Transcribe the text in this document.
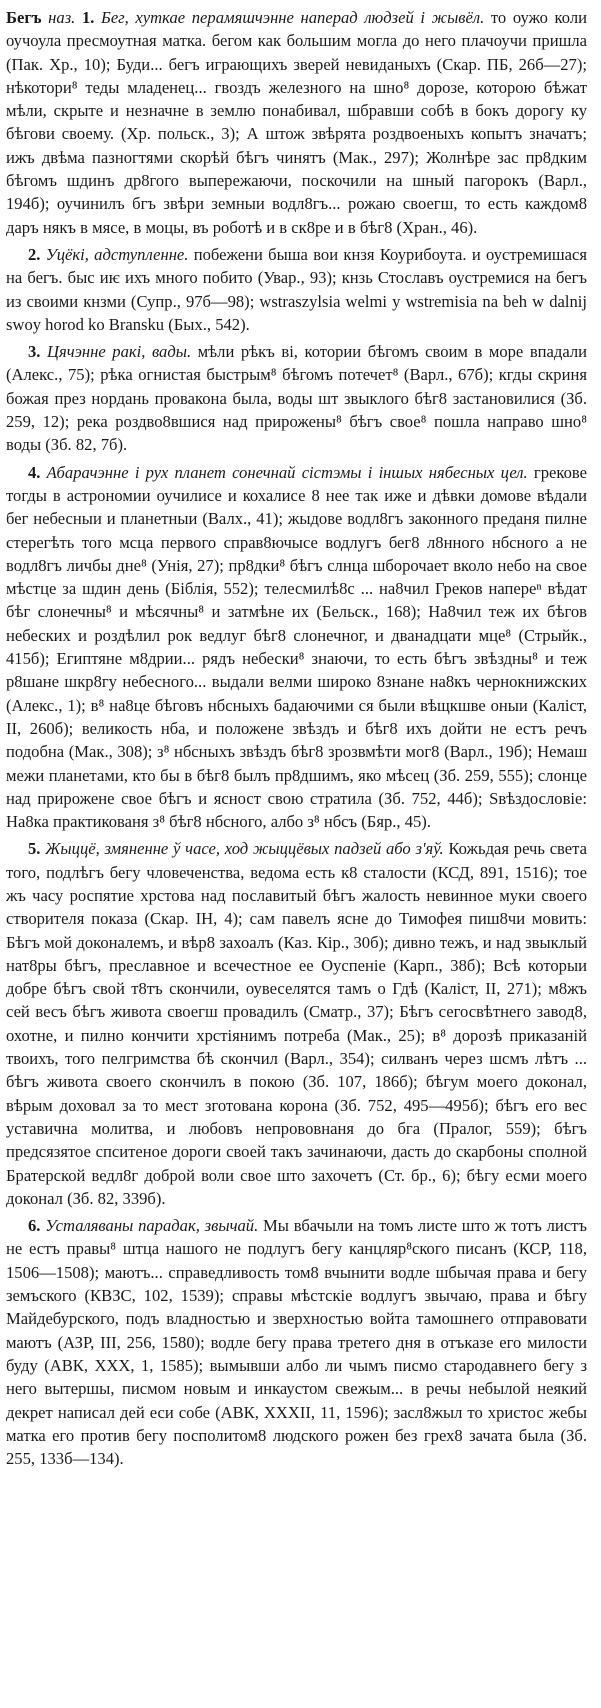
Бегъ наз. 1. Бег, хуткае перамяшчэнне наперад людзей і жывёл. то оужо коли оучоула пресмоутная матка. бегом как большим могла до него плачоучи пришла (Пак. Хр., 10); Буди... бегъ играющихъ зверей невиданыхъ (Скар. ПБ, 26б—27); нѣкотори⁸ теды младенец... гвоздъ железного на шно⁸ дорозе, которою бѣжат мѣли, скрыте и незначне в землю понабивал, шбравши собѣ в бокъ дорогу ку бѣгови своему. (Хр. польск., 3); А штож звѣрята роздвоеныхъ копытъ значатъ; ижъ двѣма пазногтями скорѣй бѣгъ чинятъ (Мак., 297); Жолнѣре зас пр8дким бѣгомъ шдинъ др8гого выпережаючи, поскочили на шный пагорокъ (Варл., 194б); оучинилъ бгъ звѣри земныи водл8гъ... рожаю своегш, то есть каждом8 даръ някъ в мясе, в моцы, въ роботѣ и в ск8ре и в бѣг8 (Хран., 46).

2. Уцёкі, адступленне. побежени быша вои кнзя Коурибоута. и оустремишася на бегъ. быс иѥ ихъ много побито (Увар., 93); кнзь Стославъ оустремися на бегъ из своими кнзми (Супр., 97б—98); wstraszylsia welmi y wstremisia na beh w dalnij swoy horod ko Bransku (Бых., 542).

3. Цячэнне ракі, вады. мѣли рѣкъ вi, котории бѣгомъ своим в море впадали (Алекс., 75); рѣка огнистая быстрым⁸ бѣгомъ потечет⁸ (Варл., 67б); кгды скриня божая през нордань провакона была, воды шт звыклого бѣг8 застановилися (Зб. 259, 12); река роздво8вшися над прирожены⁸ бѣгъ свое⁸ пошла направо шно⁸ воды (Зб. 82, 7б).

4. Абарачэнне і рух планет сонечнай сістэмы і іншых нябесных цел. грекове тогды в астрономии оучилисе и кохалисе 8 нее так иже и дѣвки домове вѣдали бег небесныи и планетныи (Валх., 41); жыдове водл8гъ законного преданя пилне стерегѣть того мсца первого справ8ючысе водлугъ бег8 л8нного нбсного а не водл8гъ личбы дне⁸ (Унія, 27); пр8дки⁸ бѣгъ слнца шборочает вколо небо на свое мѣстце за шдин день (Біблія, 552); телесмилѣ8с ... на8чил Греков напереⁿ вѣдат бѣг слонечны⁸ и мѣсячны⁸ и затмѣне их (Бельск., 168); На8чил теж их бѣгов небеских и роздѣлил рок ведлуг бѣг8 слонечног, и дванадцати мце⁸ (Стрыйк., 415б); Египтяне м8дрии... рядъ небески⁸ знаючи, то есть бѣгъ звѣздны⁸ и теж р8шане шкр8гу небесного... выдали велми широко 8знане на8къ чернокнижских (Алекс., 1); в⁸ на8це бѣговъ нбсныхъ бадаючими ся были вѣщкшве оныи (Каліст, II, 260б); великость нба, и положене звѣздъ и бѣг8 ихъ дойти не естъ речъ подобна (Мак., 308); з⁸ нбсныхъ звѣздъ бѣг8 зрозвмѣти мог8 (Варл., 19б); Немаш межи планетами, кто бы в бѣг8 былъ пр8дшимъ, яко мѣсец (Зб. 259, 555); слонце над прирожене свое бѣгъ и ясност свою стратила (Зб. 752, 44б); Ѕвѣздословіе: На8ка практикованя з⁸ бѣг8 нбсного, албо з⁸ нбсъ (Бяр., 45).

5. Жыццё, змяненне ў часе, ход жыццёвых падзей або з'яў. Кожьдая речь света того, подлѣгъ бегу чловеченства, ведома есть к8 сталости (КСД, 891, 1516); тое жъ часу роспятие хрстова над пославитый бѣгъ жалость невинное муки своего створителя показа (Скар. ІН, 4); сам павелъ ясне до Тимофея пиш8чи мовить: Бѣгъ мой доконалемъ, и вѣр8 захоалъ (Каз. Кір., 30б); дивно тежъ, и над звыклый нат8ры бѣгъ, преславное и всечестное ее Оуспеніе (Карп., 38б); Всѣ которыи добре бѣгъ свой т8тъ скончили, оувеселятся тамъ о Гдѣ (Каліст, II, 271); м8жъ сей весъ бѣгъ живота своегш провадилъ (Сматр., 37); Бѣгъ сегосвѣтнего завод8, охотне, и пилно кончити хрстiянимъ потреба (Мак., 25); в⁸ дорозѣ приказаній твоихъ, того пелгримства бѣ скончил (Варл., 354); силванъ через шсмъ лѣтъ ... бѣгъ живота своего скончилъ в покою (Зб. 107, 186б); бѣгум моего доконал, вѣрым доховал за то мест зготована корона (Зб. 752, 495—495б); бѣгъ его вес уставична молитва, и любовъ непрововнаня до бга (Пралог, 559); бѣгъ предсязятое спситеное дороги своей такъ зачинаючи, дасть до скарбоны сполной Братерской ведл8г доброй воли свое што захочетъ (Ст. бр., 6); бѣгу есми моего доконал (Зб. 82, 339б).

6. Усталяваны парадак, звычай. Мы вбачыли на томъ листе што ж тотъ листъ не естъ правы⁸ штца нашого не подлугъ бегу канцляр⁸ского писанъ (КСР, 118, 1506—1508); маютъ... справедливость том8 вчынити водле шбычая права и бегу земъского (КВЗС, 102, 1539); справы мѣстскіе водлугъ звычаю, права и бѣгу Майдебурского, подъ владностью и зверхностью войта тамошнего отправовати маютъ (АЗР, III, 256, 1580); водле бегу права третего дня в отъказе его милости буду (АВК, XXX, 1, 1585); вымывши албо ли чымъ писмо стародавнего бегу з него вытершы, писмом новым и инкаустом свежым... в речы небылой неякий декрет написал дей еси собе (АВК, XXXII, 11, 1596); засл8жыл то христос жебы матка его против бегу посполитом8 людского рожен без грех8 зачата была (Зб. 255, 133б—134).
